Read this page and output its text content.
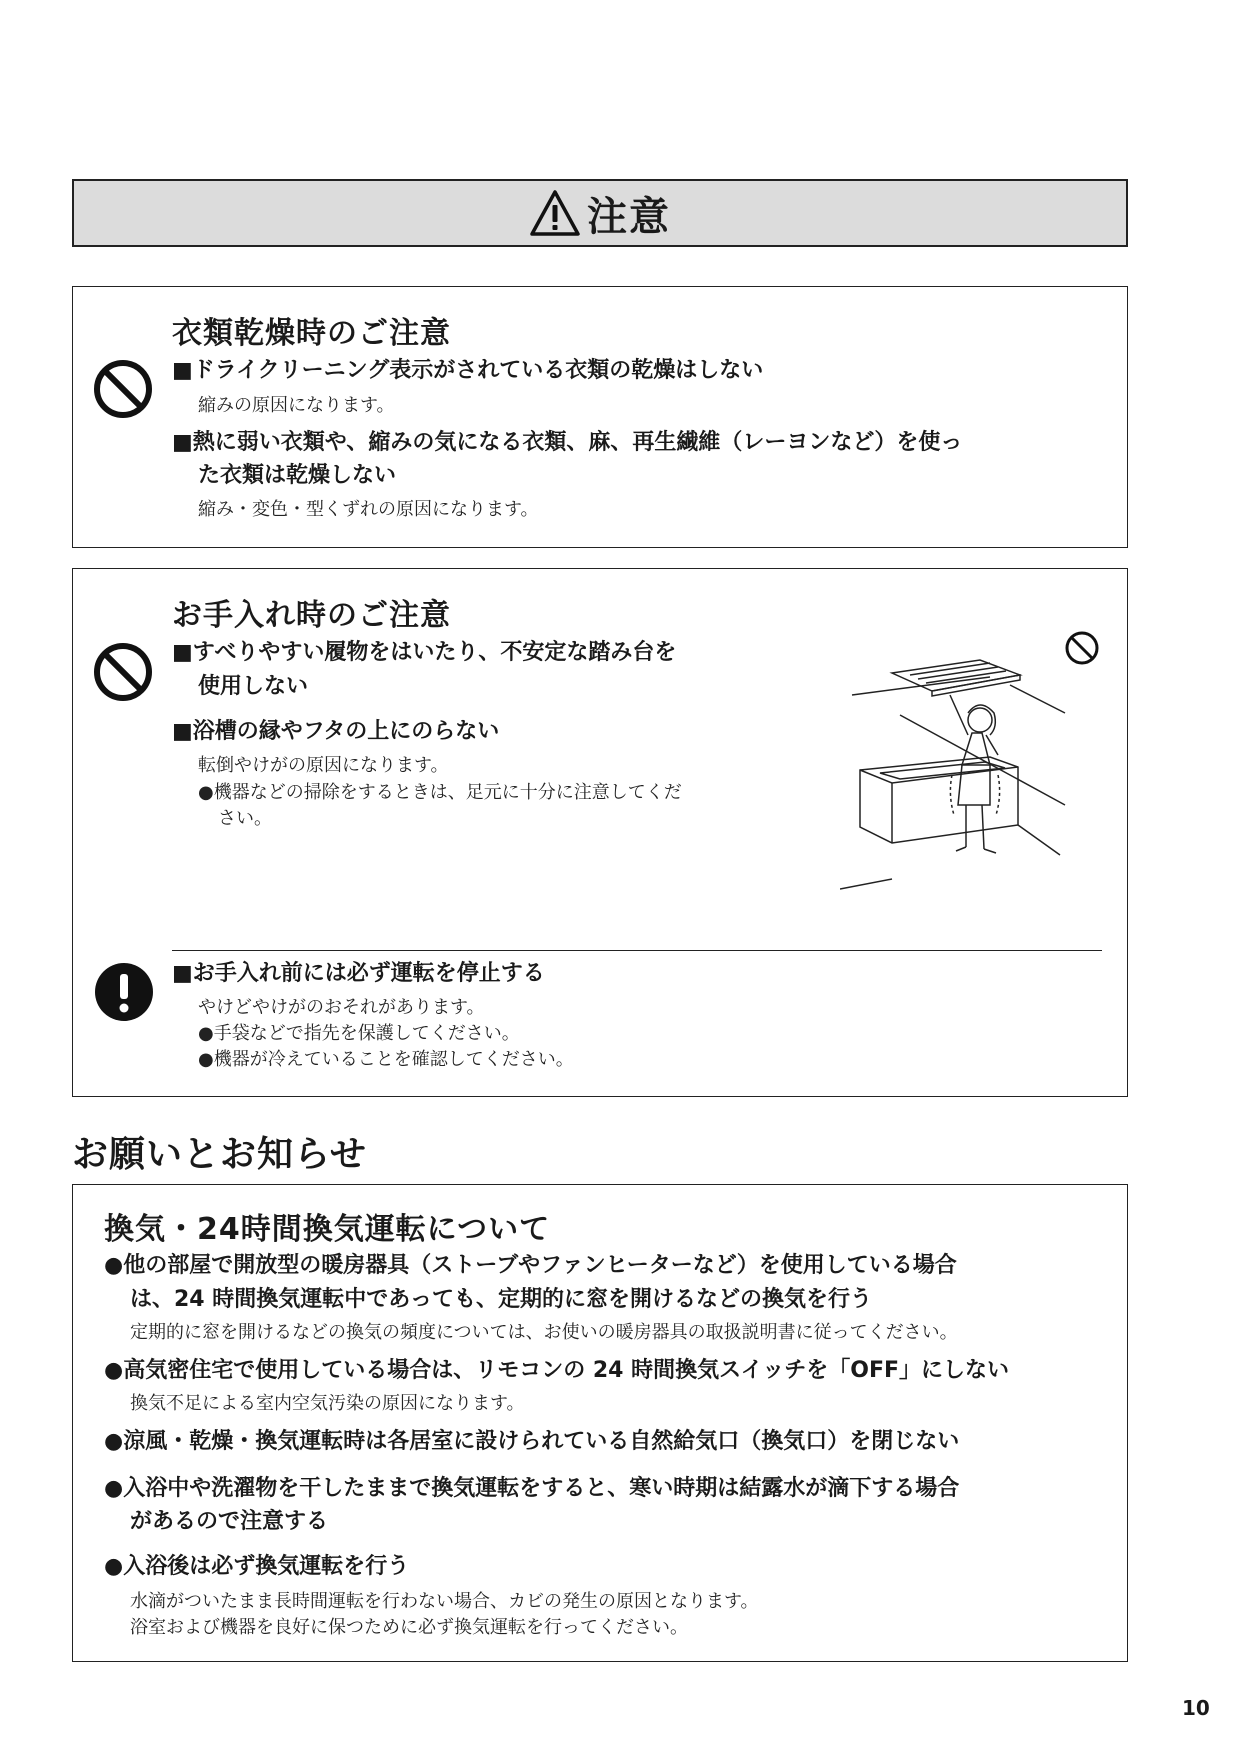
注意
衣類乾燥時のご注意
■ドライクリーニング表示がされている衣類の乾燥はしない
縮みの原因になります。
■熱に弱い衣類や、縮みの気になる衣類、麻、再生繊維（レーヨンなど）を使っ
た衣類は乾燥しない
縮み・変色・型くずれの原因になります。
お手入れ時のご注意
■すべりやすい履物をはいたり、不安定な踏み台を
使用しない
■浴槽の縁やフタの上にのらない
転倒やけがの原因になります。
●機器などの掃除をするときは、足元に十分に注意してくだ
さい。
■お手入れ前には必ず運転を停止する
やけどやけがのおそれがあります。
●手袋などで指先を保護してください。
●機器が冷えていることを確認してください。
お願いとお知らせ
換気・24時間換気運転について
●他の部屋で開放型の暖房器具（ストーブやファンヒーターなど）を使用している場合
は、24 時間換気運転中であっても、定期的に窓を開けるなどの換気を行う
定期的に窓を開けるなどの換気の頻度については、お使いの暖房器具の取扱説明書に従ってください。
●高気密住宅で使用している場合は、リモコンの 24 時間換気スイッチを「OFF」にしない
換気不足による室内空気汚染の原因になります。
●涼風・乾燥・換気運転時は各居室に設けられている自然給気口（換気口）を閉じない
●入浴中や洗濯物を干したままで換気運転をすると、寒い時期は結露水が滴下する場合
があるので注意する
●入浴後は必ず換気運転を行う
水滴がついたまま長時間運転を行わない場合、カビの発生の原因となります。
浴室および機器を良好に保つために必ず換気運転を行ってください。
10
